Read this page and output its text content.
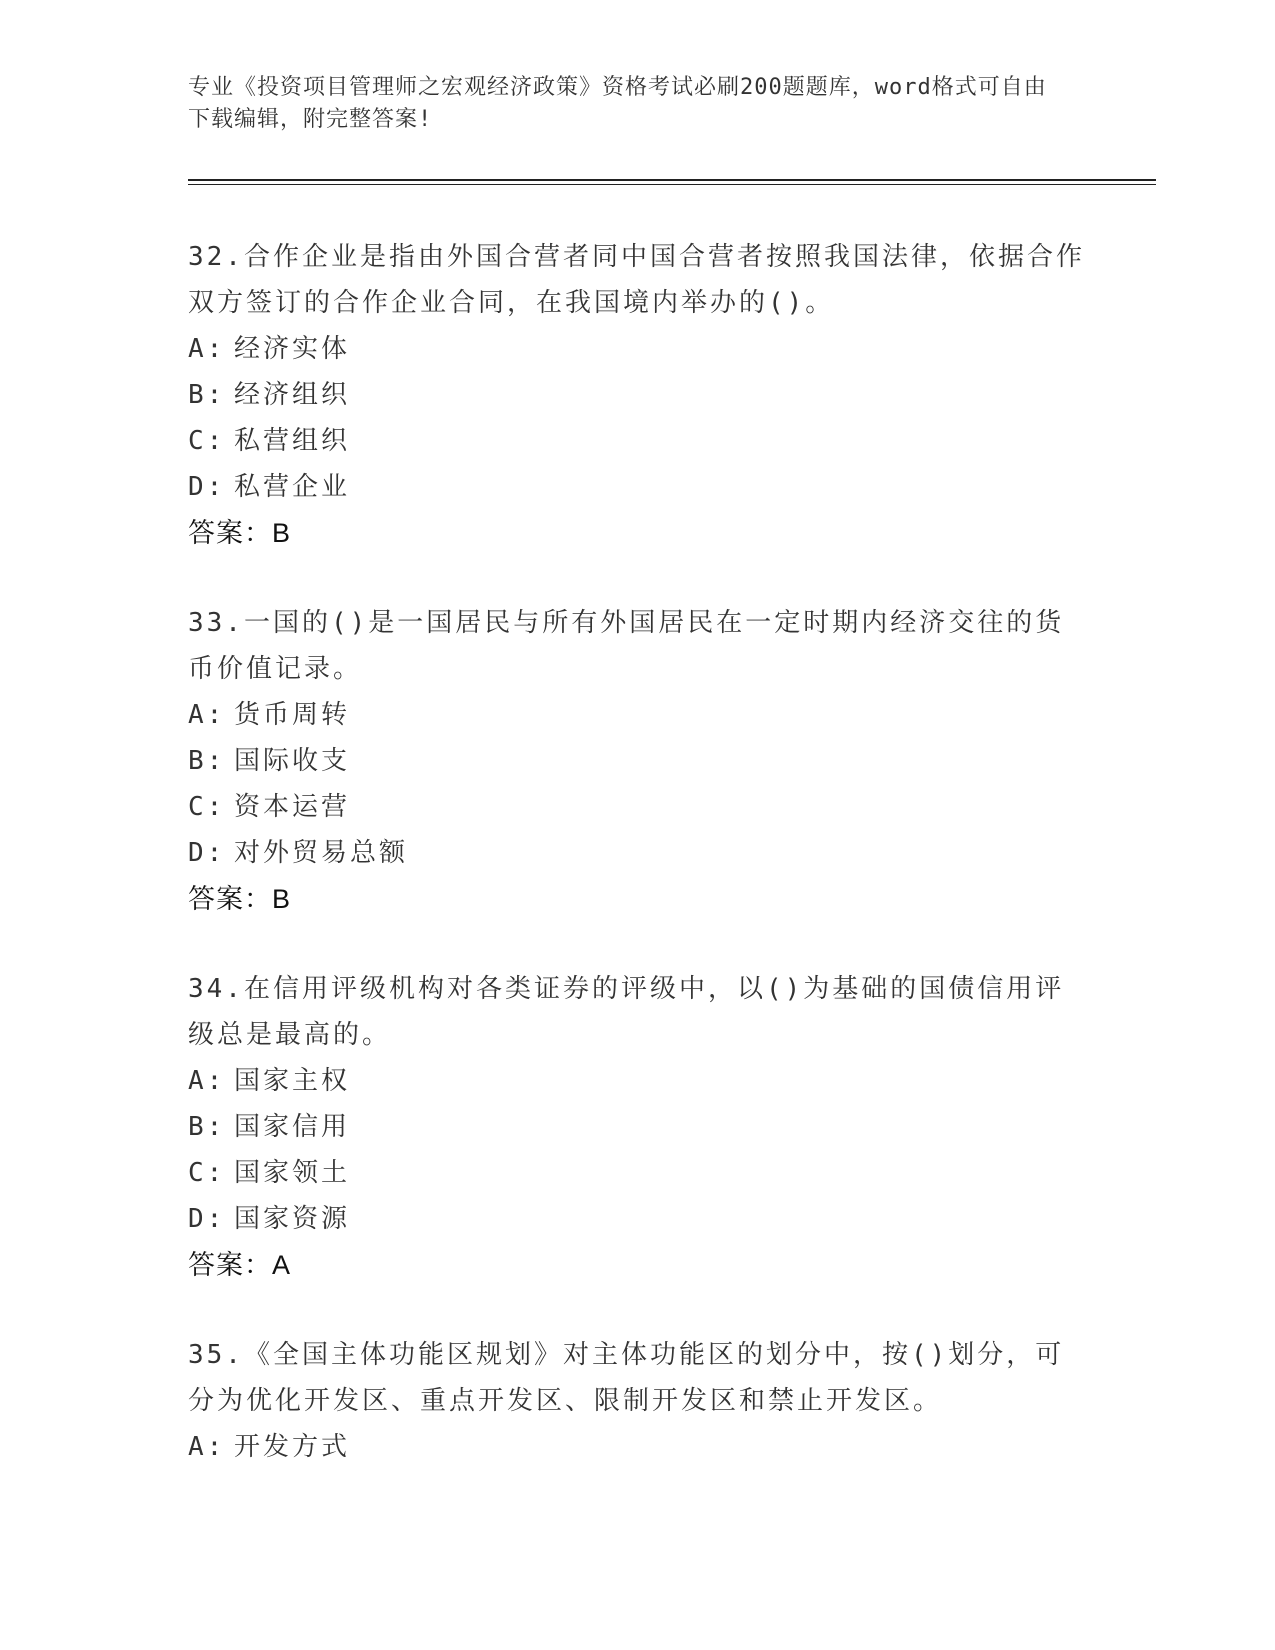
专业《投资项目管理师之宏观经济政策》资格考试必刷200题题库，word格式可自由下载编辑，附完整答案!

32.合作企业是指由外国合营者同中国合营者按照我国法律，依据合作双方签订的合作企业合同，在我国境内举办的()。

A: 经济实体

B: 经济组织

C: 私营组织

D: 私营企业

答案：B

33.一国的()是一国居民与所有外国居民在一定时期内经济交往的货币价值记录。

A: 货币周转

B: 国际收支

C: 资本运营

D: 对外贸易总额

答案：B

34.在信用评级机构对各类证券的评级中，以()为基础的国债信用评级总是最高的。

A: 国家主权

B: 国家信用

C: 国家领土

D: 国家资源

答案：A

35.《全国主体功能区规划》对主体功能区的划分中，按()划分，可分为优化开发区、重点开发区、限制开发区和禁止开发区。

A: 开发方式
